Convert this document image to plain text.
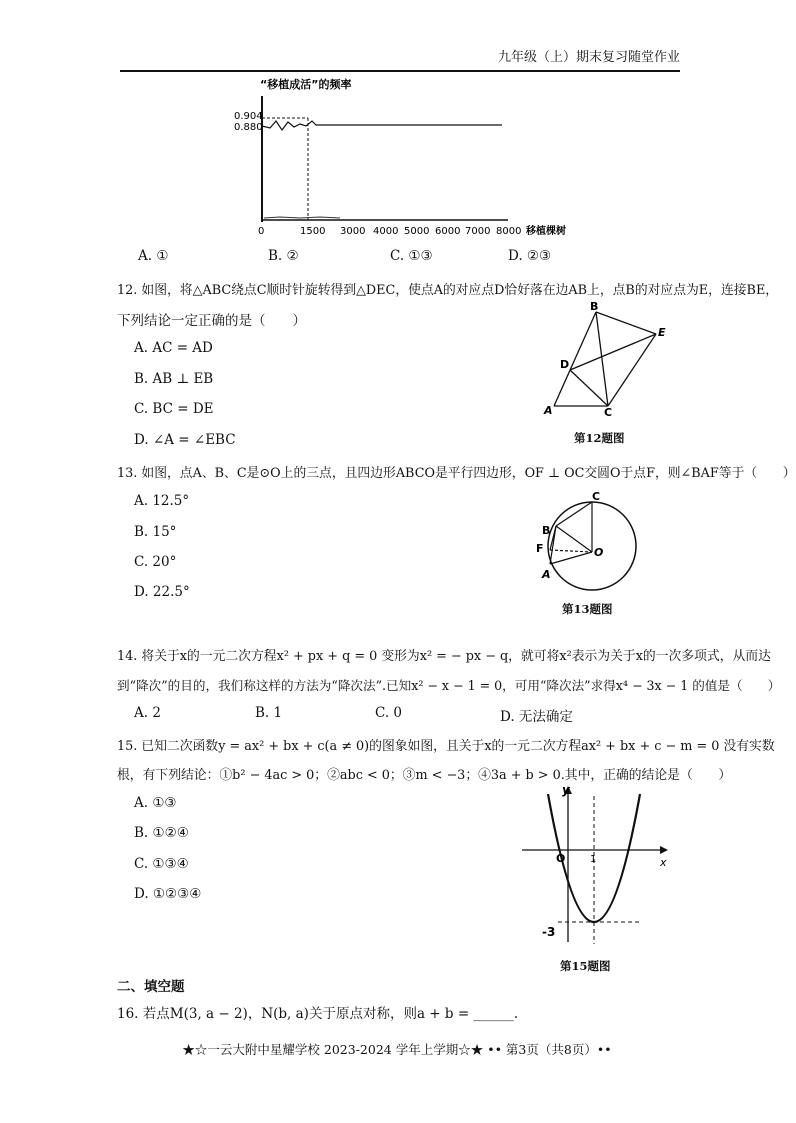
九年级（上）期末复习随堂作业
“移植成活”的频率
0.904
0.880
0	1500 3000 4000 5000 6000 7000 8000 移植棵树
A. ①	B. ②	C. ①③	D. ②③
12. 如图，将△ABC绕点C顺时针旋转得到△DEC，使点A的对应点D恰好落在边AB上，点B的对应点为E，连接BE，
下列结论一定正确的是（　　）
A. AC = AD
B. AB ⊥ EB
C. BC = DE
D. ∠A = ∠EBC
B
E
D
A	C
第12题图
13. 如图，点A、B、C是⊙O上的三点，且四边形ABCO是平行四边形，OF ⊥ OC交圆O于点F，则∠BAF等于（　　）
A. 12.5°
B. 15°
C. 20°
D. 22.5°
C
B
F	O
A
第13题图
14. 将关于x的一元二次方程x² + px + q = 0 变形为x² = − px − q，就可将x²表示为关于x的一次多项式，从而达
到“降次”的目的，我们称这样的方法为“降次法”.已知x² − x − 1 = 0，可用“降次法”求得x⁴ − 3x − 1 的值是（　　）
A. 2	B. 1	C. 0	D. 无法确定
15. 已知二次函数y = ax² + bx + c(a ≠ 0)的图象如图，且关于x的一元二次方程ax² + bx + c − m = 0 没有实数
根，有下列结论：①b² − 4ac > 0；②abc < 0；③m < −3；④3a + b > 0.其中，正确的结论是（　　）
A. ①③
B. ①②④
C. ①③④
D. ①②③④
y
x
O 1
-3
第15题图
二、填空题
16. 若点M(3, a − 2)，N(b, a)关于原点对称，则a + b = ______.
★☆一云大附中星耀学校 2023-2024 学年上学期☆★ •• 第3页（共8页）••
